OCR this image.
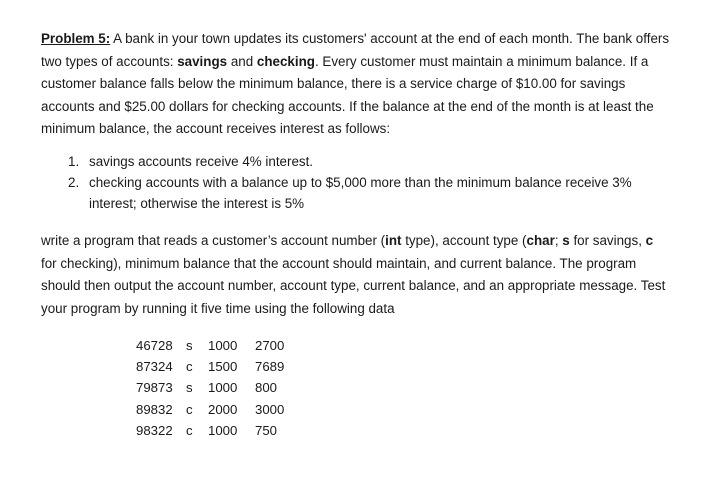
Problem 5: A bank in your town updates its customers' account at the end of each month. The bank offers two types of accounts: savings and checking. Every customer must maintain a minimum balance. If a customer balance falls below the minimum balance, there is a service charge of $10.00 for savings accounts and $25.00 dollars for checking accounts. If the balance at the end of the month is at least the minimum balance, the account receives interest as follows:

1. savings accounts receive 4% interest.
2. checking accounts with a balance up to $5,000 more than the minimum balance receive 3% interest; otherwise the interest is 5%

write a program that reads a customer’s account number (int type), account type (char; s for savings, c for checking), minimum balance that the account should maintain, and current balance. The program should then output the account number, account type, current balance, and an appropriate message. Test your program by running it five time using the following data

46728	s	1000	2700
87324	c	1500	7689
79873	s	1000	800
89832	c	2000	3000
98322	c	1000	750
